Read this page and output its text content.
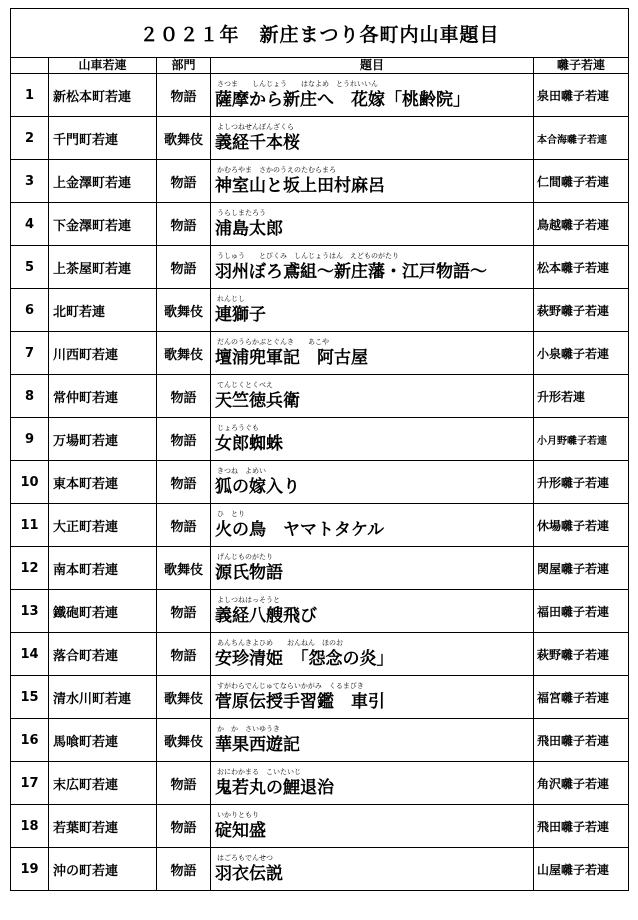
２０２１年　新庄まつり各町内山車題目				
	山車若連	部門	題目	囃子若連
1	新松本町若連	物語	さつま　　しんじょう　　はなよめ　とうれいいん
薩摩から新庄へ　花嫁「桃齢院」	泉田囃子若連
2	千門町若連	歌舞伎	よしつねせんぼんざくら
義経千本桜	本合海囃子若連
3	上金澤町若連	物語	かむろやま　さかのうえのたむらまろ
神室山と坂上田村麻呂	仁間囃子若連
4	下金澤町若連	物語	うらしまたろう
浦島太郎	鳥越囃子若連
5	上茶屋町若連	物語	うしゅう　　とびくみ　しんじょうはん　えどものがたり
羽州ぼろ鳶組～新庄藩・江戸物語～	松本囃子若連
6	北町若連	歌舞伎	れんじし
連獅子	萩野囃子若連
7	川西町若連	歌舞伎	だんのうらかぶとぐんき　　あこや
壇浦兜軍記　阿古屋	小泉囃子若連
8	常仲町若連	物語	てんじくとくべえ
天竺徳兵衛	升形若連
9	万場町若連	物語	じょろうぐも
女郎蜘蛛	小月野囃子若連
10	東本町若連	物語	きつね　よめい
狐の嫁入り	升形囃子若連
11	大正町若連	物語	ひ　とり
火の鳥　ヤマトタケル	休場囃子若連
12	南本町若連	歌舞伎	げんじものがたり
源氏物語	関屋囃子若連
13	鐵砲町若連	物語	よしつねはっそうと
義経八艘飛び	福田囃子若連
14	落合町若連	物語	あんちんきよひめ　　おんねん　ほのお
安珍清姫　「怨念の炎」	萩野囃子若連
15	清水川町若連	歌舞伎	すがわらでんじゅてならいかがみ　くるまびき
菅原伝授手習鑑　車引	福宮囃子若連
16	馬喰町若連	歌舞伎	か　か　さいゆうき
華果西遊記	飛田囃子若連
17	末広町若連	物語	おにわかまる　こいたいじ
鬼若丸の鯉退治	角沢囃子若連
18	若葉町若連	物語	いかりともり
碇知盛	飛田囃子若連
19	沖の町若連	物語	はごろもでんせつ
羽衣伝説	山屋囃子若連
